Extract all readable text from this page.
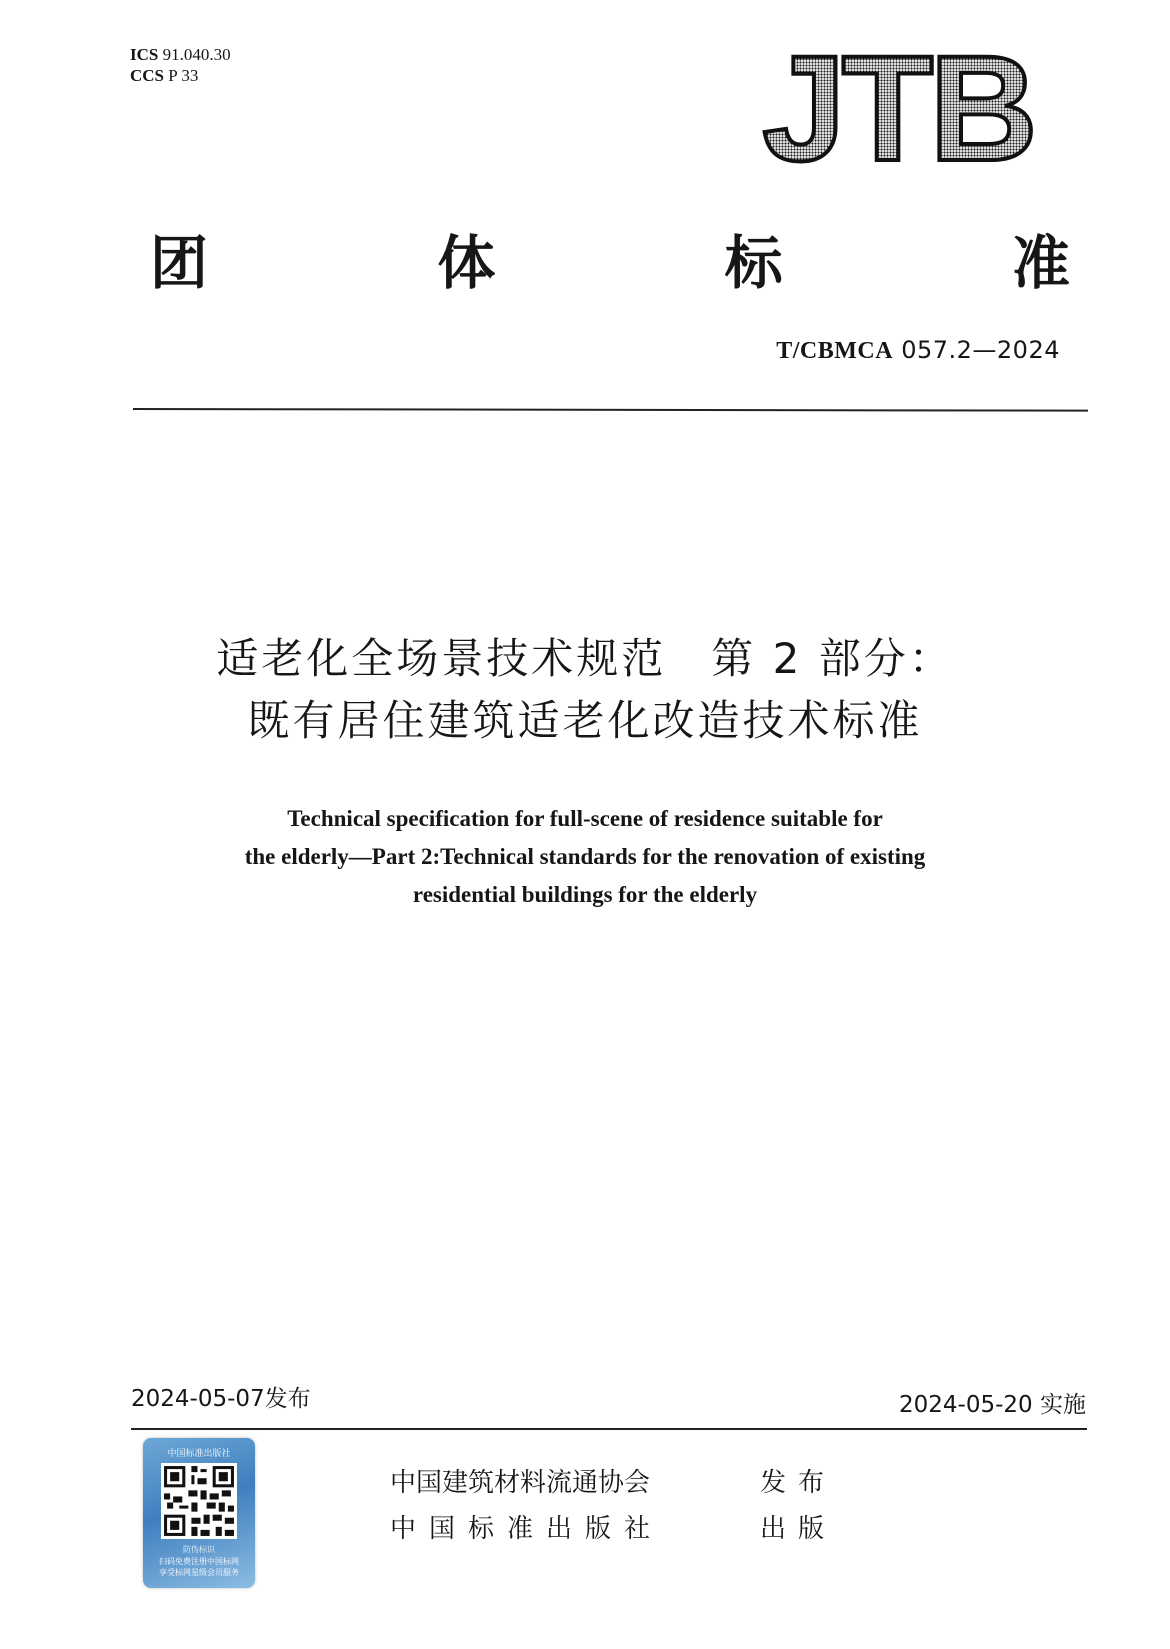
ICS 91.040.30
CCS P 33	JTB
团	体	标	准
T/CBMCA 057.2—2024
适老化全场景技术规范　第 2 部分：
既有居住建筑适老化改造技术标准
Technical specification for full-scene of residence suitable for
the elderly—Part 2:Technical standards for the renovation of existing
residential buildings for the elderly
2024-05-07发布	2024-05-20 实施
中国标准出版社
防伪标识
扫码免费注册中国标网
享受标网星级会员服务
中国建筑材料流通协会	发布
中国标准出版社	出版
